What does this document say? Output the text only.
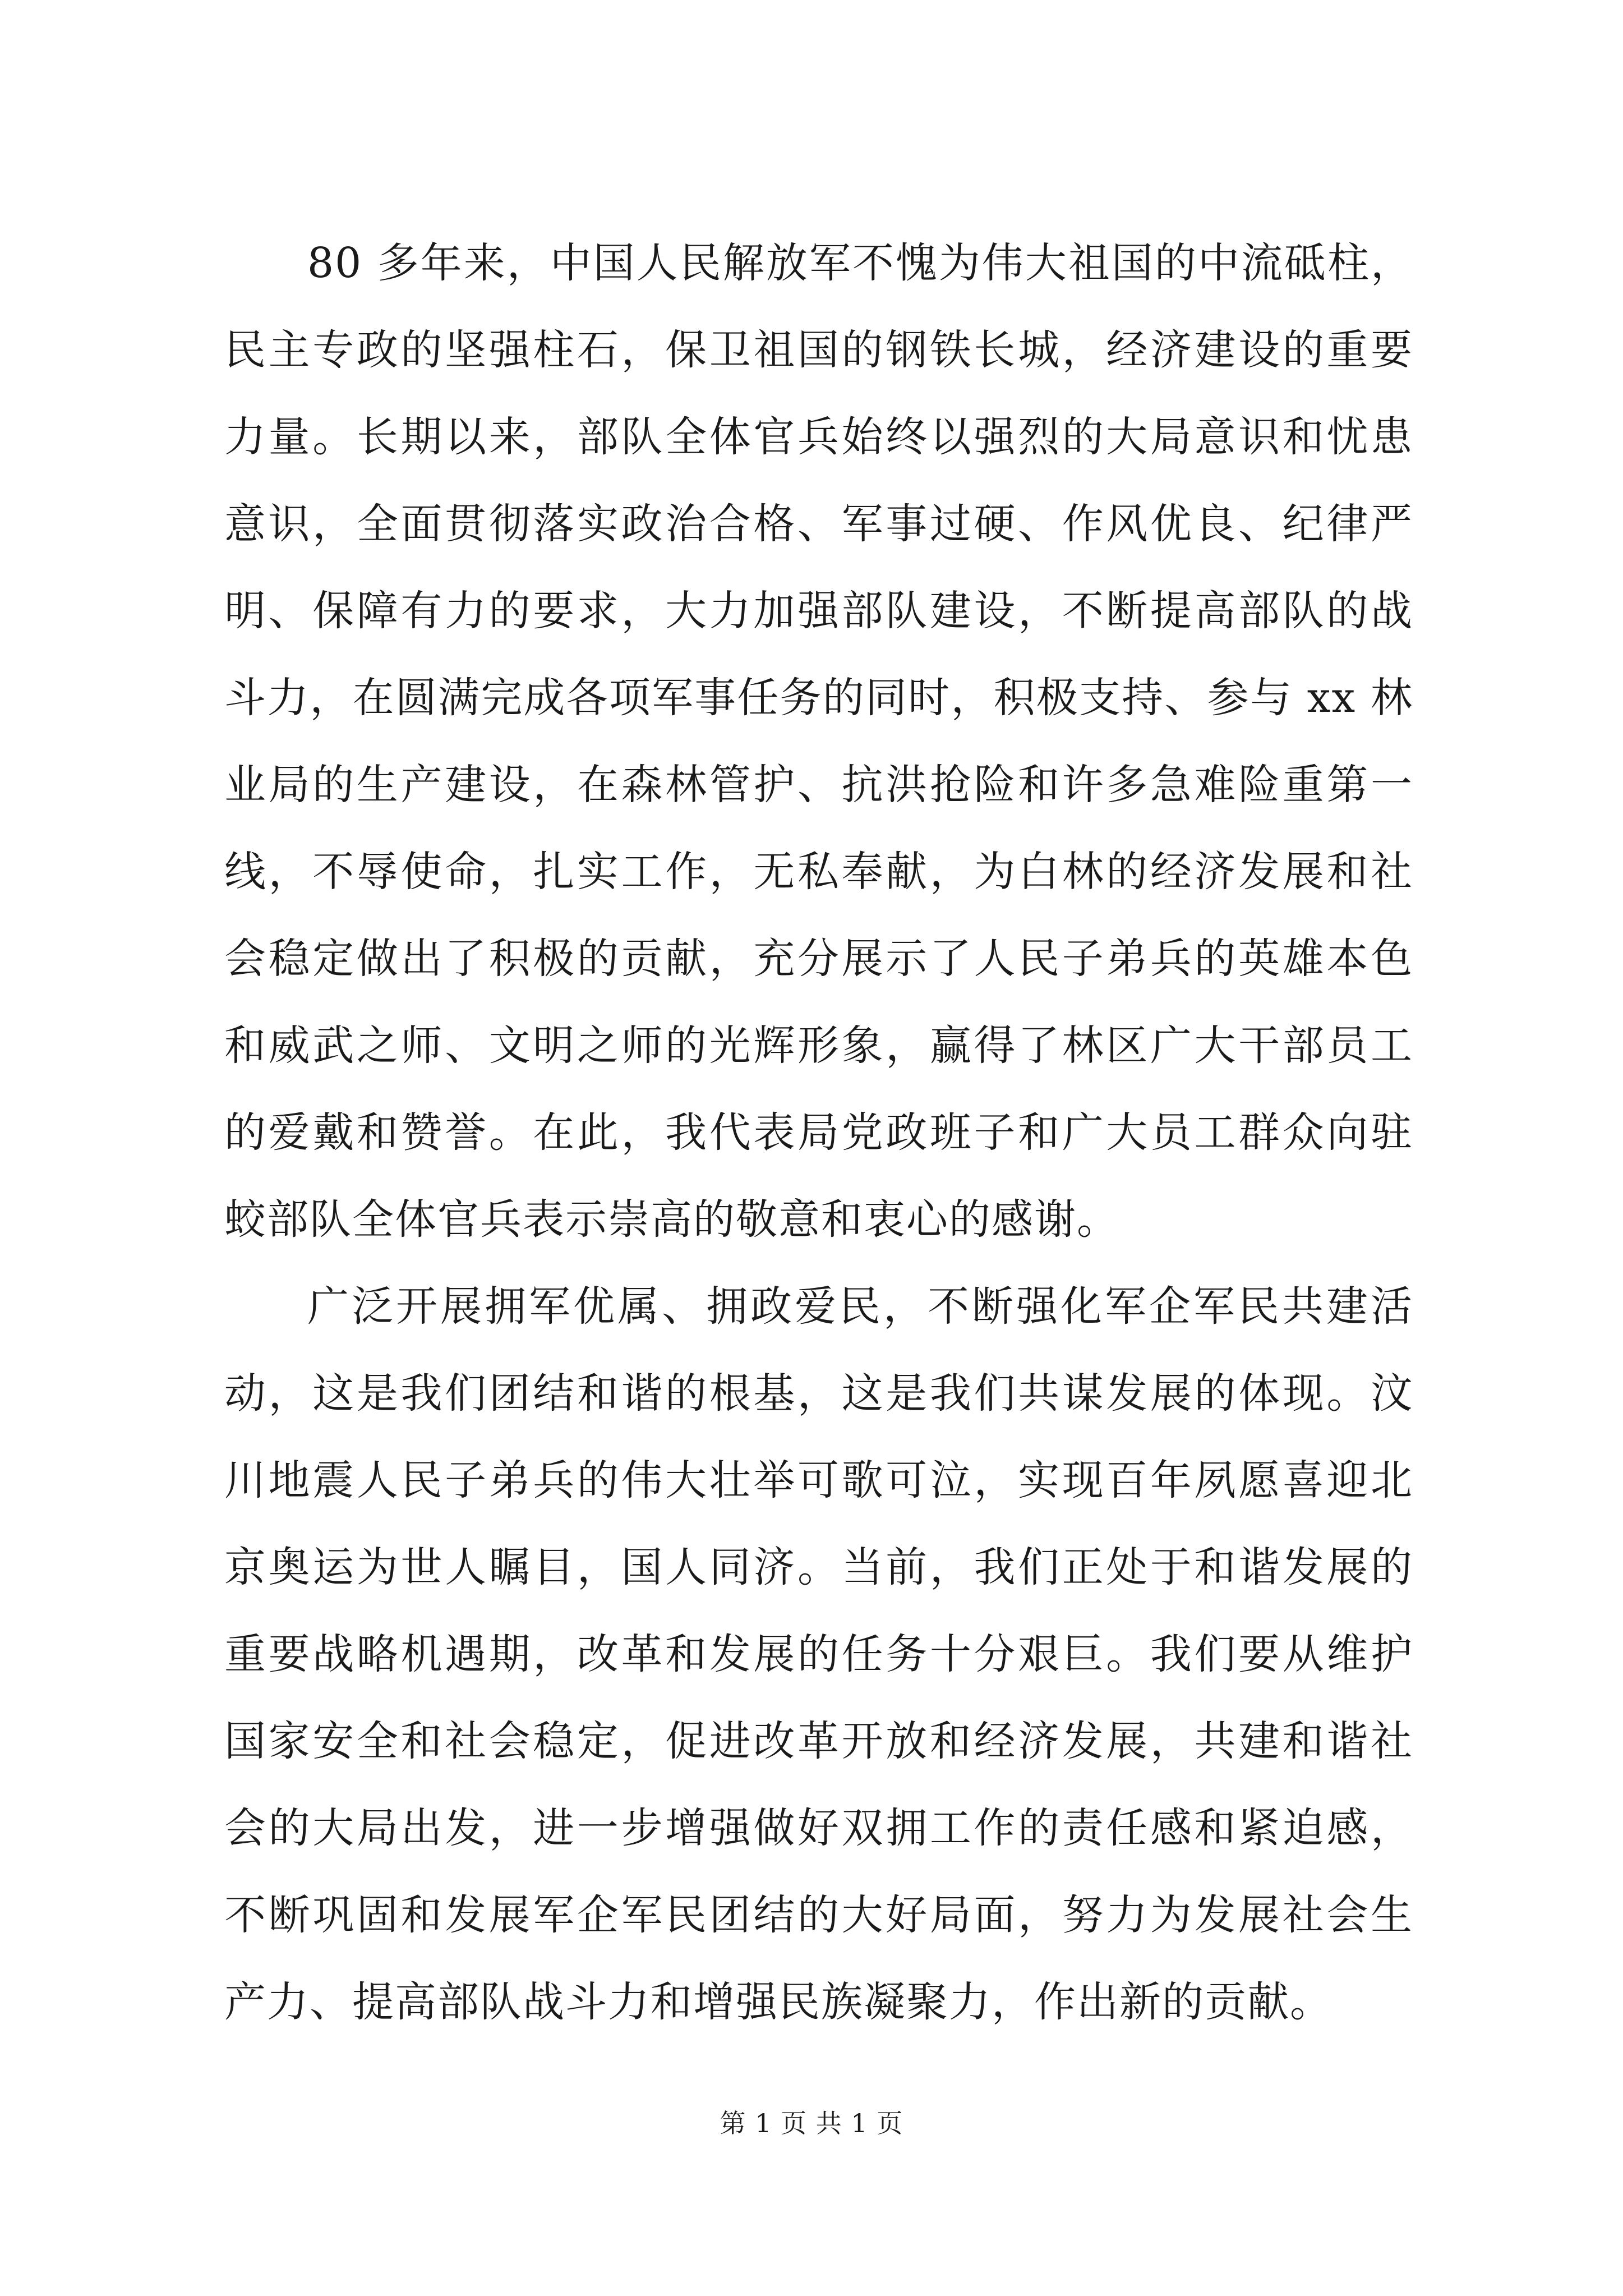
80 多年来，中国人民解放军不愧为伟大祖国的中流砥柱，民主专政的坚强柱石，保卫祖国的钢铁长城，经济建设的重要力量。长期以来，部队全体官兵始终以强烈的大局意识和忧患意识，全面贯彻落实政治合格、军事过硬、作风优良、纪律严明、保障有力的要求，大力加强部队建设，不断提高部队的战斗力，在圆满完成各项军事任务的同时，积极支持、参与 xx 林业局的生产建设，在森林管护、抗洪抢险和许多急难险重第一线，不辱使命，扎实工作，无私奉献，为白林的经济发展和社会稳定做出了积极的贡献，充分展示了人民子弟兵的英雄本色和威武之师、文明之师的光辉形象，赢得了林区广大干部员工的爱戴和赞誉。在此，我代表局党政班子和广大员工群众向驻蛟部队全体官兵表示崇高的敬意和衷心的感谢。

广泛开展拥军优属、拥政爱民，不断强化军企军民共建活动，这是我们团结和谐的根基，这是我们共谋发展的体现。汶川地震人民子弟兵的伟大壮举可歌可泣，实现百年夙愿喜迎北京奥运为世人瞩目，国人同济。当前，我们正处于和谐发展的重要战略机遇期，改革和发展的任务十分艰巨。我们要从维护国家安全和社会稳定，促进改革开放和经济发展，共建和谐社会的大局出发，进一步增强做好双拥工作的责任感和紧迫感，不断巩固和发展军企军民团结的大好局面，努力为发展社会生产力、提高部队战斗力和增强民族凝聚力，作出新的贡献。

第 1 页 共 1 页
